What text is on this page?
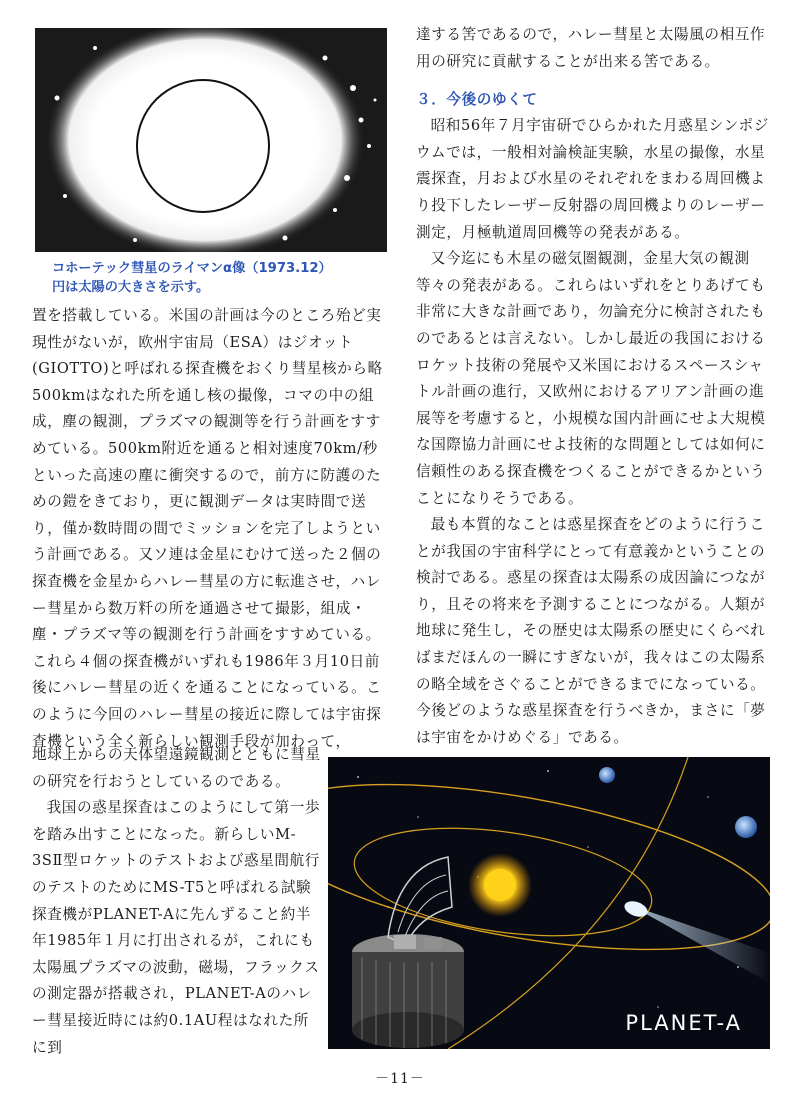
コホーテック彗星のライマンα像（1973.12）
円は太陽の大きさを示す。

置を搭載している。米国の計画は今のところ殆ど実現性がないが，欧州宇宙局（ESA）はジオット(GIOTTO)と呼ばれる探査機をおくり彗星核から略500kmはなれた所を通し核の撮像，コマの中の組成，塵の観測，プラズマの観測等を行う計画をすすめている。500km附近を通ると相対速度70km/秒といった高速の塵に衝突するので，前方に防護のための鎧をきており，更に観測データは実時間で送り，僅か数時間の間でミッションを完了しようという計画である。又ソ連は金星にむけて送った２個の探査機を金星からハレー彗星の方に転進させ，ハレー彗星から数万粁の所を通過させて撮影，組成・塵・プラズマ等の観測を行う計画をすすめている。これら４個の探査機がいずれも1986年３月10日前後にハレー彗星の近くを通ることになっている。このように今回のハレー彗星の接近に際しては宇宙探査機という全く新らしい観測手段が加わって，

地球上からの天体望遠鏡観測とともに彗星の研究を行おうとしているのである。

我国の惑星探査はこのようにして第一歩を踏み出すことになった。新らしいM-3SⅡ型ロケットのテストおよび惑星間航行のテストのためにMS-T5と呼ばれる試験探査機がPLANET-Aに先んずること約半年1985年１月に打出されるが，これにも太陽風プラズマの波動，磁場，フラックスの測定器が搭載され，PLANET-Aのハレー彗星接近時には約0.1AU程はなれた所に到

達する筈であるので，ハレー彗星と太陽風の相互作用の研究に貢献することが出来る筈である。

３．今後のゆくて

昭和56年７月宇宙研でひらかれた月惑星シンポジウムでは，一般相対論検証実験，水星の撮像，水星震探査，月および水星のそれぞれをまわる周回機より投下したレーザー反射器の周回機よりのレーザー測定，月極軌道周回機等の発表がある。

又今迄にも木星の磁気圏観測，金星大気の観測等々の発表がある。これらはいずれをとりあげても非常に大きな計画であり，勿論充分に検討されたものであるとは言えない。しかし最近の我国におけるロケット技術の発展や又米国におけるスペースシャトル計画の進行，又欧州におけるアリアン計画の進展等を考慮すると，小規模な国内計画にせよ大規模な国際協力計画にせよ技術的な問題としては如何に信頼性のある探査機をつくることができるかということになりそうである。

最も本質的なことは惑星探査をどのように行うことが我国の宇宙科学にとって有意義かということの検討である。惑星の探査は太陽系の成因論につながり，且その将来を予測することにつながる。人類が地球に発生し，その歴史は太陽系の歴史にくらべればまだほんの一瞬にすぎないが，我々はこの太陽系の略全域をさぐることができるまでになっている。今後どのような惑星探査を行うべきか，まさに「夢は宇宙をかけめぐる」である。

PLANET-A
－11－
